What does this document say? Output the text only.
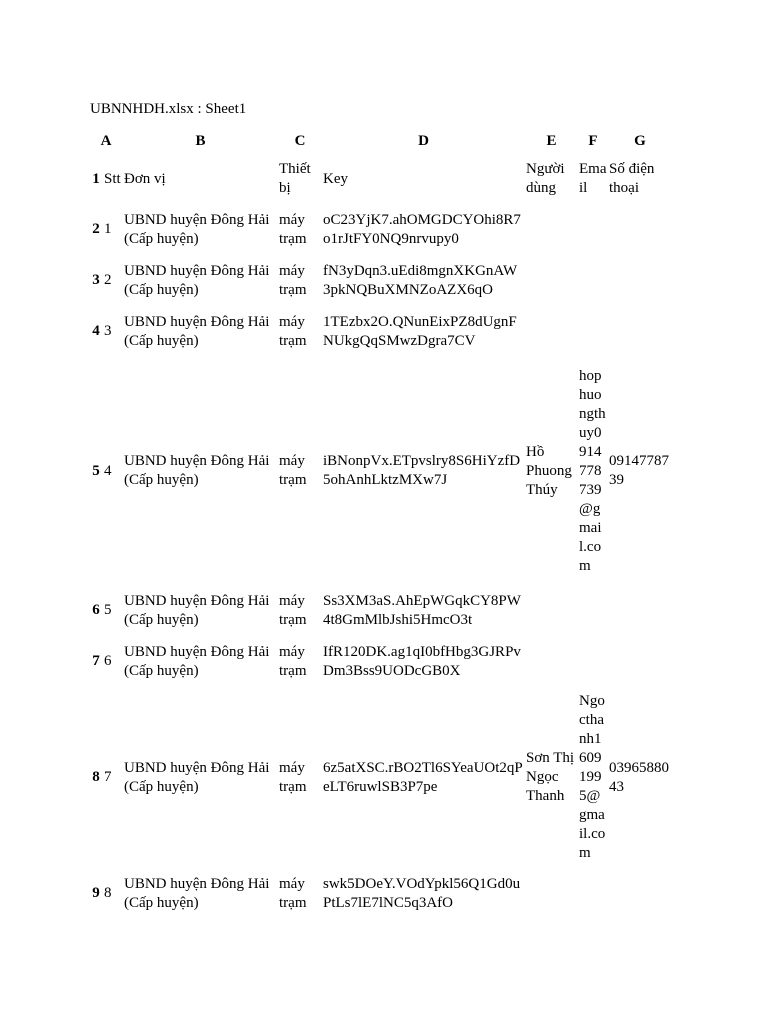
UBNNHDH.xlsx : Sheet1
A		B	C	D	E	F	G
1	Stt	Đơn vị	Thiết bị	Key	Người dùng	Email	Số điện thoại
2	1	UBND huyện Đông Hải (Cấp huyện)	máy trạm	oC23YjK7.ahOMGDCYOhi8R7o1rJtFY0NQ9nrvupy0			
3	2	UBND huyện Đông Hải (Cấp huyện)	máy trạm	fN3yDqn3.uEdi8mgnXKGnAW3pkNQBuXMNZoAZX6qO			
4	3	UBND huyện Đông Hải (Cấp huyện)	máy trạm	1TEzbx2O.QNunEixPZ8dUgnFNUkgQqSMwzDgra7CV			
5	4	UBND huyện Đông Hải (Cấp huyện)	máy trạm	iBNonpVx.ETpvslry8S6HiYzfD5ohAnhLktzMXw7J	Hồ Phuong Thúy	hophuongthuy0914778739@gmail.com	0914778739
6	5	UBND huyện Đông Hải (Cấp huyện)	máy trạm	Ss3XM3aS.AhEpWGqkCY8PW4t8GmMlbJshi5HmcO3t			
7	6	UBND huyện Đông Hải (Cấp huyện)	máy trạm	IfR120DK.ag1qI0bfHbg3GJRPvDm3Bss9UODcGB0X			
8	7	UBND huyện Đông Hải (Cấp huyện)	máy trạm	6z5atXSC.rBO2Tl6SYeaUOt2qPeLT6ruwlSB3P7pe	Sơn Thị Ngọc Thanh	Ngocthanh16091995@gmail.com	0396588043
9	8	UBND huyện Đông Hải (Cấp huyện)	máy trạm	swk5DOeY.VOdYpkl56Q1Gd0uPtLs7lE7lNC5q3AfO			
